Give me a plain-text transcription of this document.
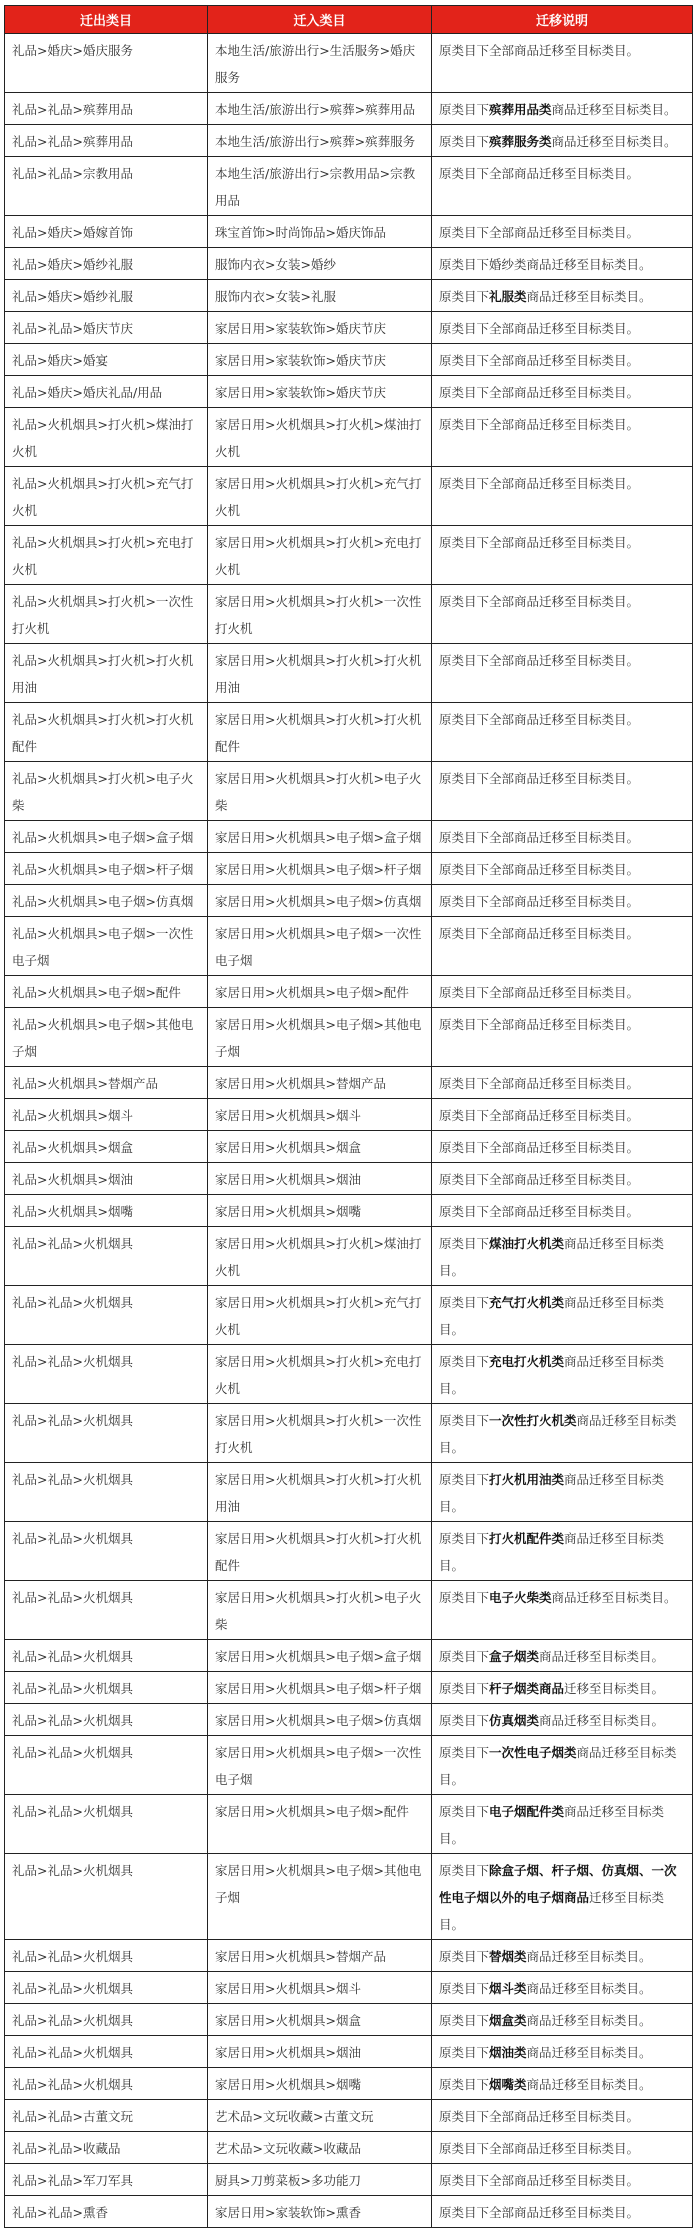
迁出类目	迁入类目	迁移说明
礼品>婚庆>婚庆服务	本地生活/旅游出行>生活服务>婚庆服务	原类目下全部商品迁移至目标类目。
礼品>礼品>殡葬用品	本地生活/旅游出行>殡葬>殡葬用品	原类目下殡葬用品类商品迁移至目标类目。
礼品>礼品>殡葬用品	本地生活/旅游出行>殡葬>殡葬服务	原类目下殡葬服务类商品迁移至目标类目。
礼品>礼品>宗教用品	本地生活/旅游出行>宗教用品>宗教用品	原类目下全部商品迁移至目标类目。
礼品>婚庆>婚嫁首饰	珠宝首饰>时尚饰品>婚庆饰品	原类目下全部商品迁移至目标类目。
礼品>婚庆>婚纱礼服	服饰内衣>女装>婚纱	原类目下婚纱类商品迁移至目标类目。
礼品>婚庆>婚纱礼服	服饰内衣>女装>礼服	原类目下礼服类商品迁移至目标类目。
礼品>礼品>婚庆节庆	家居日用>家装软饰>婚庆节庆	原类目下全部商品迁移至目标类目。
礼品>婚庆>婚宴	家居日用>家装软饰>婚庆节庆	原类目下全部商品迁移至目标类目。
礼品>婚庆>婚庆礼品/用品	家居日用>家装软饰>婚庆节庆	原类目下全部商品迁移至目标类目。
礼品>火机烟具>打火机>煤油打火机	家居日用>火机烟具>打火机>煤油打火机	原类目下全部商品迁移至目标类目。
礼品>火机烟具>打火机>充气打火机	家居日用>火机烟具>打火机>充气打火机	原类目下全部商品迁移至目标类目。
礼品>火机烟具>打火机>充电打火机	家居日用>火机烟具>打火机>充电打火机	原类目下全部商品迁移至目标类目。
礼品>火机烟具>打火机>一次性打火机	家居日用>火机烟具>打火机>一次性打火机	原类目下全部商品迁移至目标类目。
礼品>火机烟具>打火机>打火机用油	家居日用>火机烟具>打火机>打火机用油	原类目下全部商品迁移至目标类目。
礼品>火机烟具>打火机>打火机配件	家居日用>火机烟具>打火机>打火机配件	原类目下全部商品迁移至目标类目。
礼品>火机烟具>打火机>电子火柴	家居日用>火机烟具>打火机>电子火柴	原类目下全部商品迁移至目标类目。
礼品>火机烟具>电子烟>盒子烟	家居日用>火机烟具>电子烟>盒子烟	原类目下全部商品迁移至目标类目。
礼品>火机烟具>电子烟>杆子烟	家居日用>火机烟具>电子烟>杆子烟	原类目下全部商品迁移至目标类目。
礼品>火机烟具>电子烟>仿真烟	家居日用>火机烟具>电子烟>仿真烟	原类目下全部商品迁移至目标类目。
礼品>火机烟具>电子烟>一次性电子烟	家居日用>火机烟具>电子烟>一次性电子烟	原类目下全部商品迁移至目标类目。
礼品>火机烟具>电子烟>配件	家居日用>火机烟具>电子烟>配件	原类目下全部商品迁移至目标类目。
礼品>火机烟具>电子烟>其他电子烟	家居日用>火机烟具>电子烟>其他电子烟	原类目下全部商品迁移至目标类目。
礼品>火机烟具>替烟产品	家居日用>火机烟具>替烟产品	原类目下全部商品迁移至目标类目。
礼品>火机烟具>烟斗	家居日用>火机烟具>烟斗	原类目下全部商品迁移至目标类目。
礼品>火机烟具>烟盒	家居日用>火机烟具>烟盒	原类目下全部商品迁移至目标类目。
礼品>火机烟具>烟油	家居日用>火机烟具>烟油	原类目下全部商品迁移至目标类目。
礼品>火机烟具>烟嘴	家居日用>火机烟具>烟嘴	原类目下全部商品迁移至目标类目。
礼品>礼品>火机烟具	家居日用>火机烟具>打火机>煤油打火机	原类目下煤油打火机类商品迁移至目标类目。
礼品>礼品>火机烟具	家居日用>火机烟具>打火机>充气打火机	原类目下充气打火机类商品迁移至目标类目。
礼品>礼品>火机烟具	家居日用>火机烟具>打火机>充电打火机	原类目下充电打火机类商品迁移至目标类目。
礼品>礼品>火机烟具	家居日用>火机烟具>打火机>一次性打火机	原类目下一次性打火机类商品迁移至目标类目。
礼品>礼品>火机烟具	家居日用>火机烟具>打火机>打火机用油	原类目下打火机用油类商品迁移至目标类目。
礼品>礼品>火机烟具	家居日用>火机烟具>打火机>打火机配件	原类目下打火机配件类商品迁移至目标类目。
礼品>礼品>火机烟具	家居日用>火机烟具>打火机>电子火柴	原类目下电子火柴类商品迁移至目标类目。
礼品>礼品>火机烟具	家居日用>火机烟具>电子烟>盒子烟	原类目下盒子烟类商品迁移至目标类目。
礼品>礼品>火机烟具	家居日用>火机烟具>电子烟>杆子烟	原类目下杆子烟类商品迁移至目标类目。
礼品>礼品>火机烟具	家居日用>火机烟具>电子烟>仿真烟	原类目下仿真烟类商品迁移至目标类目。
礼品>礼品>火机烟具	家居日用>火机烟具>电子烟>一次性电子烟	原类目下一次性电子烟类商品迁移至目标类目。
礼品>礼品>火机烟具	家居日用>火机烟具>电子烟>配件	原类目下电子烟配件类商品迁移至目标类目。
礼品>礼品>火机烟具	家居日用>火机烟具>电子烟>其他电子烟	原类目下除盒子烟、杆子烟、仿真烟、一次性电子烟以外的电子烟商品迁移至目标类目。
礼品>礼品>火机烟具	家居日用>火机烟具>替烟产品	原类目下替烟类商品迁移至目标类目。
礼品>礼品>火机烟具	家居日用>火机烟具>烟斗	原类目下烟斗类商品迁移至目标类目。
礼品>礼品>火机烟具	家居日用>火机烟具>烟盒	原类目下烟盒类商品迁移至目标类目。
礼品>礼品>火机烟具	家居日用>火机烟具>烟油	原类目下烟油类商品迁移至目标类目。
礼品>礼品>火机烟具	家居日用>火机烟具>烟嘴	原类目下烟嘴类商品迁移至目标类目。
礼品>礼品>古董文玩	艺术品>文玩收藏>古董文玩	原类目下全部商品迁移至目标类目。
礼品>礼品>收藏品	艺术品>文玩收藏>收藏品	原类目下全部商品迁移至目标类目。
礼品>礼品>军刀军具	厨具>刀剪菜板>多功能刀	原类目下全部商品迁移至目标类目。
礼品>礼品>熏香	家居日用>家装软饰>熏香	原类目下全部商品迁移至目标类目。
